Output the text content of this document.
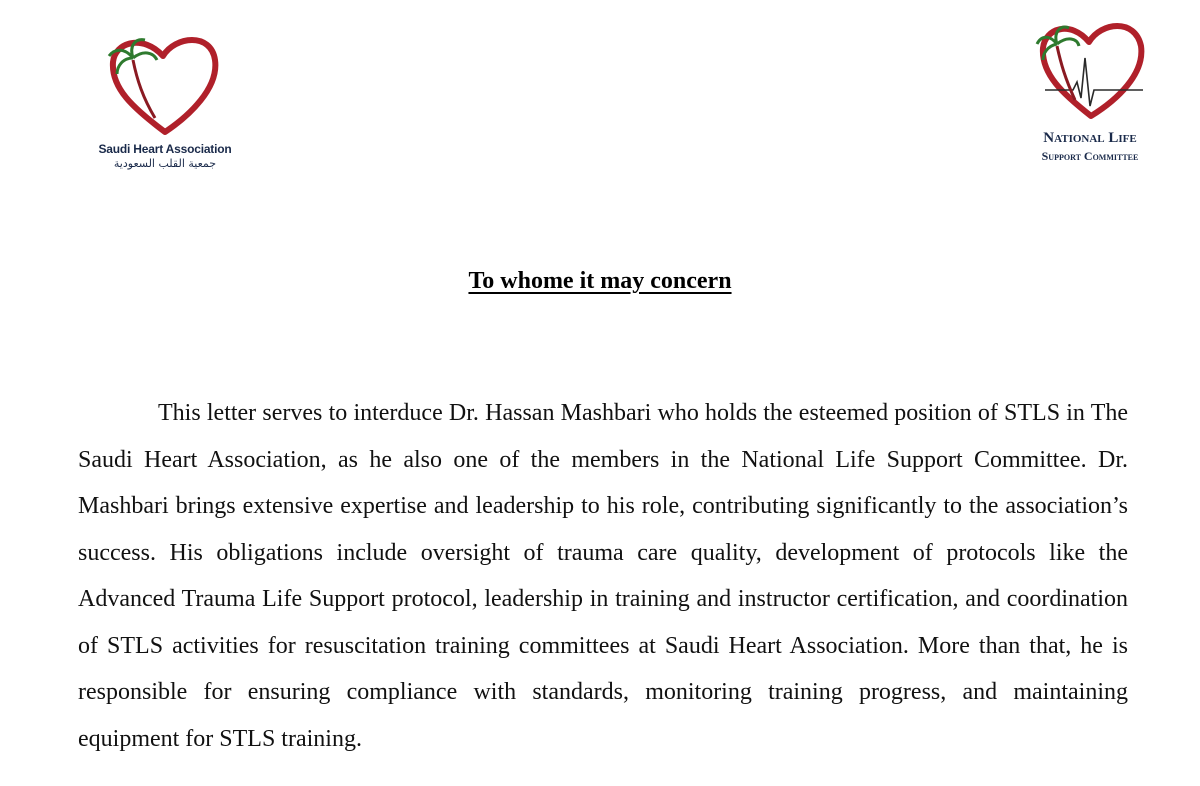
Saudi Heart Association
جمعية القلب السعودية
National Life
Support Committee
To whome it may concern

This letter serves to interduce Dr. Hassan Mashbari who holds the esteemed position of STLS in The Saudi Heart Association, as he also one of the members in the National Life Support Committee. Dr. Mashbari brings extensive expertise and leadership to his role, contributing significantly to the association’s success. His obligations include oversight of trauma care quality, development of protocols like the Advanced Trauma Life Support protocol, leadership in training and instructor certification, and coordination of STLS activities for resuscitation training committees at Saudi Heart Association. More than that, he is responsible for ensuring compliance with standards, monitoring training progress, and maintaining equipment for STLS training.
